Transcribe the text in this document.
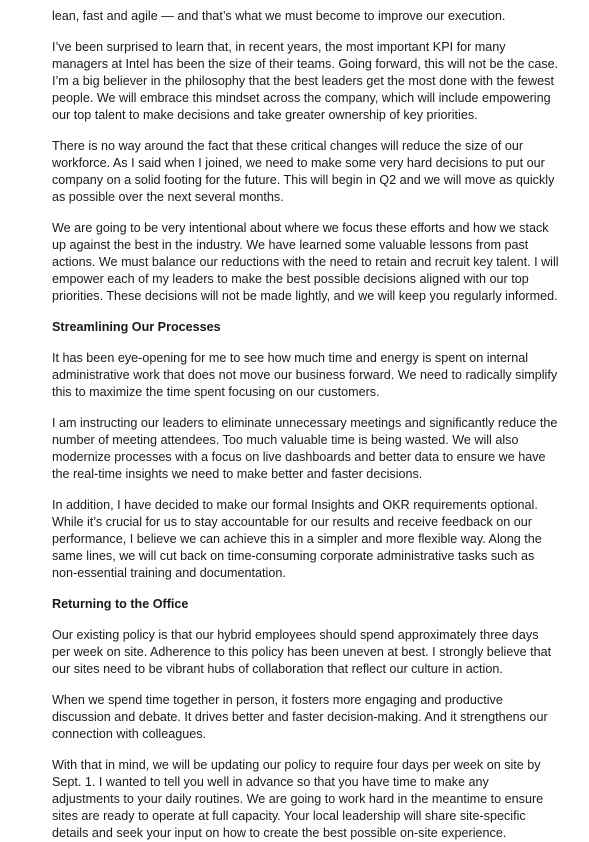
lean, fast and agile — and that’s what we must become to improve our execution.

I’ve been surprised to learn that, in recent years, the most important KPI for many managers at Intel has been the size of their teams. Going forward, this will not be the case. I’m a big believer in the philosophy that the best leaders get the most done with the fewest people. We will embrace this mindset across the company, which will include empowering our top talent to make decisions and take greater ownership of key priorities.

There is no way around the fact that these critical changes will reduce the size of our workforce. As I said when I joined, we need to make some very hard decisions to put our company on a solid footing for the future. This will begin in Q2 and we will move as quickly as possible over the next several months.

We are going to be very intentional about where we focus these efforts and how we stack up against the best in the industry. We have learned some valuable lessons from past actions. We must balance our reductions with the need to retain and recruit key talent. I will empower each of my leaders to make the best possible decisions aligned with our top priorities. These decisions will not be made lightly, and we will keep you regularly informed.

Streamlining Our Processes

It has been eye-opening for me to see how much time and energy is spent on internal administrative work that does not move our business forward. We need to radically simplify this to maximize the time spent focusing on our customers.

I am instructing our leaders to eliminate unnecessary meetings and significantly reduce the number of meeting attendees. Too much valuable time is being wasted. We will also modernize processes with a focus on live dashboards and better data to ensure we have the real-time insights we need to make better and faster decisions.

In addition, I have decided to make our formal Insights and OKR requirements optional. While it’s crucial for us to stay accountable for our results and receive feedback on our performance, I believe we can achieve this in a simpler and more flexible way. Along the same lines, we will cut back on time-consuming corporate administrative tasks such as non-essential training and documentation.

Returning to the Office

Our existing policy is that our hybrid employees should spend approximately three days per week on site. Adherence to this policy has been uneven at best. I strongly believe that our sites need to be vibrant hubs of collaboration that reflect our culture in action.

When we spend time together in person, it fosters more engaging and productive discussion and debate. It drives better and faster decision-making. And it strengthens our connection with colleagues.

With that in mind, we will be updating our policy to require four days per week on site by Sept. 1. I wanted to tell you well in advance so that you have time to make any adjustments to your daily routines. We are going to work hard in the meantime to ensure sites are ready to operate at full capacity. Your local leadership will share site-specific details and seek your input on how to create the best possible on-site experience.
